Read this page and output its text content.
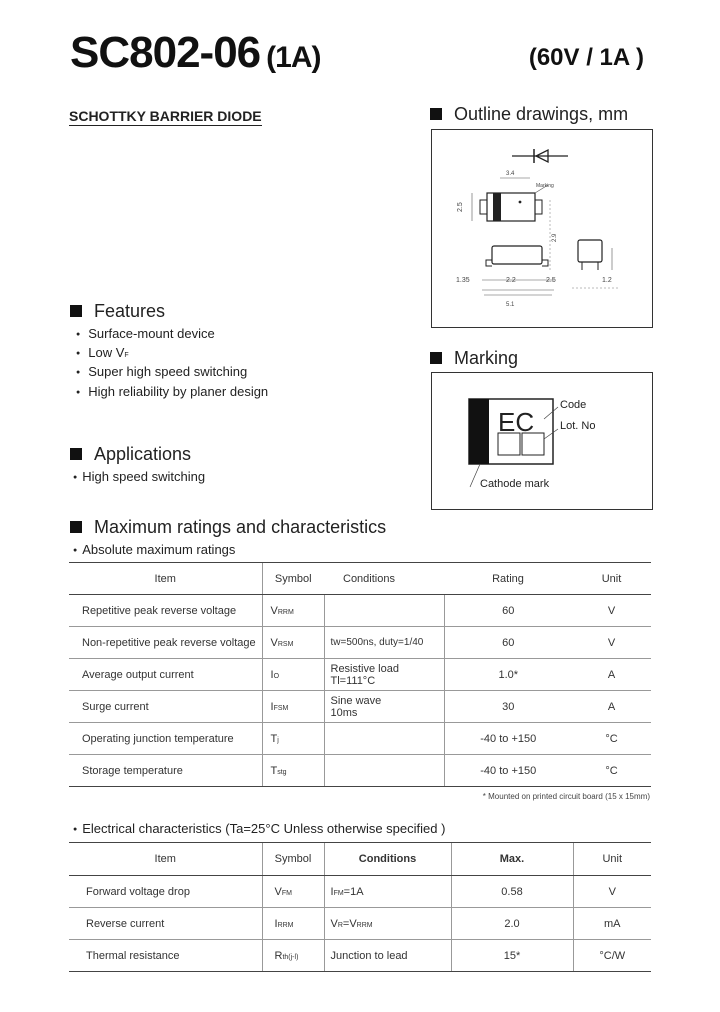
SC802-06 (1A)	(60V / 1A )
SCHOTTKY BARRIER DIODE	Outline drawings, mm
3.4
2.5
2.9
1.35	2.2	2.5
5.1
1.2
Marking
Features
● Surface-mount device
● Low VF
● Super high speed switching
● High reliability by planer design
Marking
EC
Code
Lot. No
Cathode mark
Applications
● High speed switching
Maximum ratings and characteristics
● Absolute maximum ratings
Item	Symbol	Conditions	Rating	Unit
Repetitive peak reverse voltage	VRRM		60	V
Non-repetitive peak reverse voltage	VRSM	tw=500ns, duty=1/40	60	V
Average output current	IO	Resistive load
Tl=111°C	1.0*	A
Surge current	IFSM	Sine wave
10ms	30	A
Operating junction temperature	Tj		-40 to +150	°C
Storage temperature	Tstg		-40 to +150	°C
* Mounted on printed circuit board (15 x 15mm)
● Electrical characteristics (Ta=25°C Unless otherwise specified )
Item	Symbol	Conditions	Max.	Unit
Forward voltage drop	VFM	IFM=1A	0.58	V
Reverse current	IRRM	VR=VRRM	2.0	mA
Thermal resistance	Rth(j-l)	Junction to lead	15*	°C/W
